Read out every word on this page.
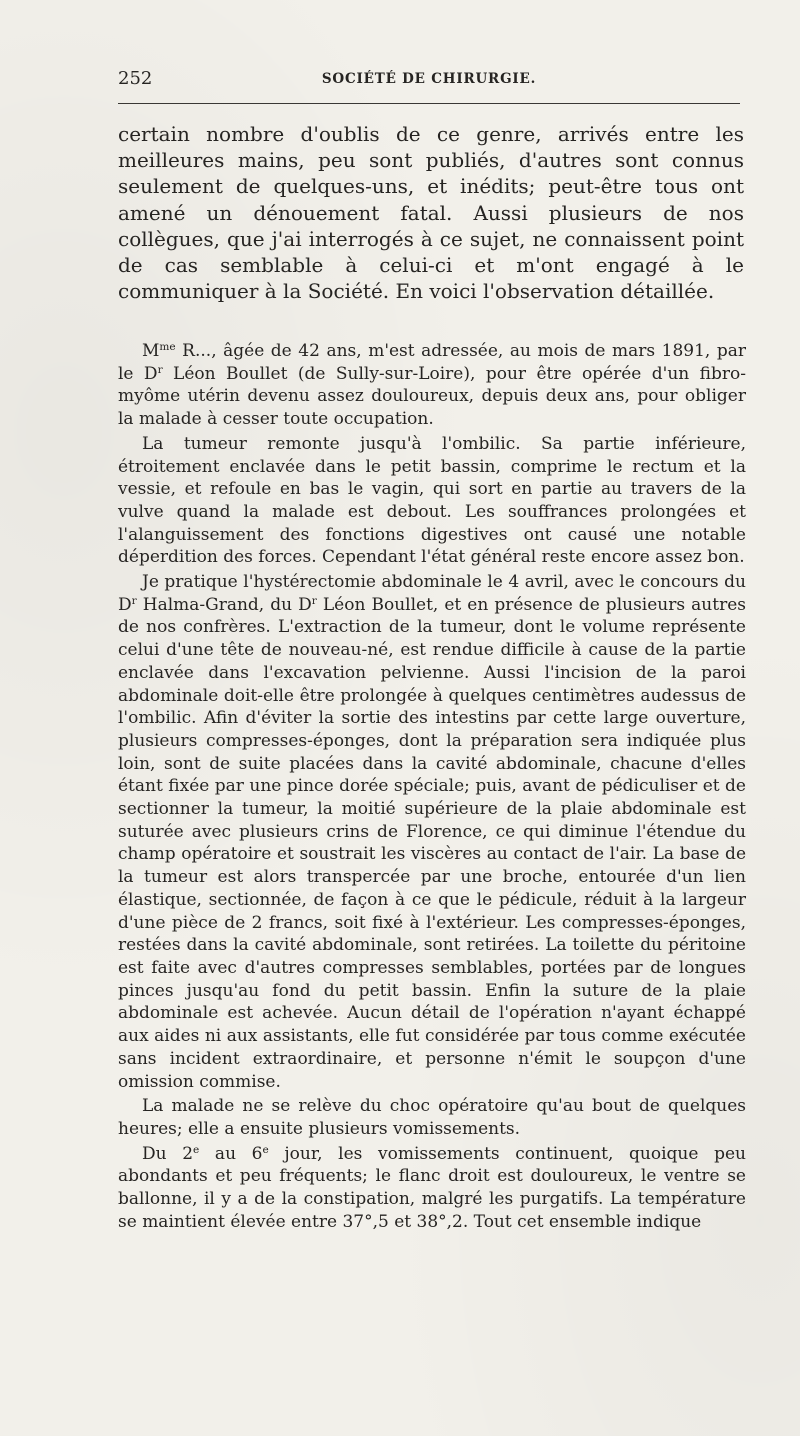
252	SOCIÉTÉ DE CHIRURGIE.

certain nombre d'oublis de ce genre, arrivés entre les meilleures mains, peu sont publiés, d'autres sont connus seulement de quelques-uns, et inédits; peut-être tous ont amené un dénouement fatal. Aussi plusieurs de nos collègues, que j'ai interrogés à ce sujet, ne connaissent point de cas semblable à celui-ci et m'ont engagé à le communiquer à la Société. En voici l'observation détaillée.

$M^{me}$ R..., âgée de 42 ans, m'est adressée, au mois de mars 1891, par le $D^r$ Léon Boullet (de Sully-sur-Loire), pour être opérée d'un fibro-myôme utérin devenu assez douloureux, depuis deux ans, pour obliger la malade à cesser toute occupation.

La tumeur remonte jusqu'à l'ombilic. Sa partie inférieure, étroitement enclavée dans le petit bassin, comprime le rectum et la vessie, et refoule en bas le vagin, qui sort en partie au travers de la vulve quand la malade est debout. Les souffrances prolongées et l'alanguissement des fonctions digestives ont causé une notable déperdition des forces. Cependant l'état général reste encore assez bon.

Je pratique l'hystérectomie abdominale le 4 avril, avec le concours du $D^r$ Halma-Grand, du $D^r$ Léon Boullet, et en présence de plusieurs autres de nos confrères. L'extraction de la tumeur, dont le volume représente celui d'une tête de nouveau-né, est rendue difficile à cause de la partie enclavée dans l'excavation pelvienne. Aussi l'incision de la paroi abdominale doit-elle être prolongée à quelques centimètres audessus de l'ombilic. Afin d'éviter la sortie des intestins par cette large ouverture, plusieurs compresses-éponges, dont la préparation sera indiquée plus loin, sont de suite placées dans la cavité abdominale, chacune d'elles étant fixée par une pince dorée spéciale; puis, avant de pédiculiser et de sectionner la tumeur, la moitié supérieure de la plaie abdominale est suturée avec plusieurs crins de Florence, ce qui diminue l'étendue du champ opératoire et soustrait les viscères au contact de l'air. La base de la tumeur est alors transpercée par une broche, entourée d'un lien élastique, sectionnée, de façon à ce que le pédicule, réduit à la largeur d'une pièce de 2 francs, soit fixé à l'extérieur. Les compresses-éponges, restées dans la cavité abdominale, sont retirées. La toilette du péritoine est faite avec d'autres compresses semblables, portées par de longues pinces jusqu'au fond du petit bassin. Enfin la suture de la plaie abdominale est achevée. Aucun détail de l'opération n'ayant échappé aux aides ni aux assistants, elle fut considérée par tous comme exécutée sans incident extraordinaire, et personne n'émit le soupçon d'une omission commise.

La malade ne se relève du choc opératoire qu'au bout de quelques heures; elle a ensuite plusieurs vomissements.

Du 2e au 6e jour, les vomissements continuent, quoique peu abondants et peu fréquents; le flanc droit est douloureux, le ventre se ballonne, il y a de la constipation, malgré les purgatifs. La température se maintient élevée entre 37°,5 et 38°,2. Tout cet ensemble indique
